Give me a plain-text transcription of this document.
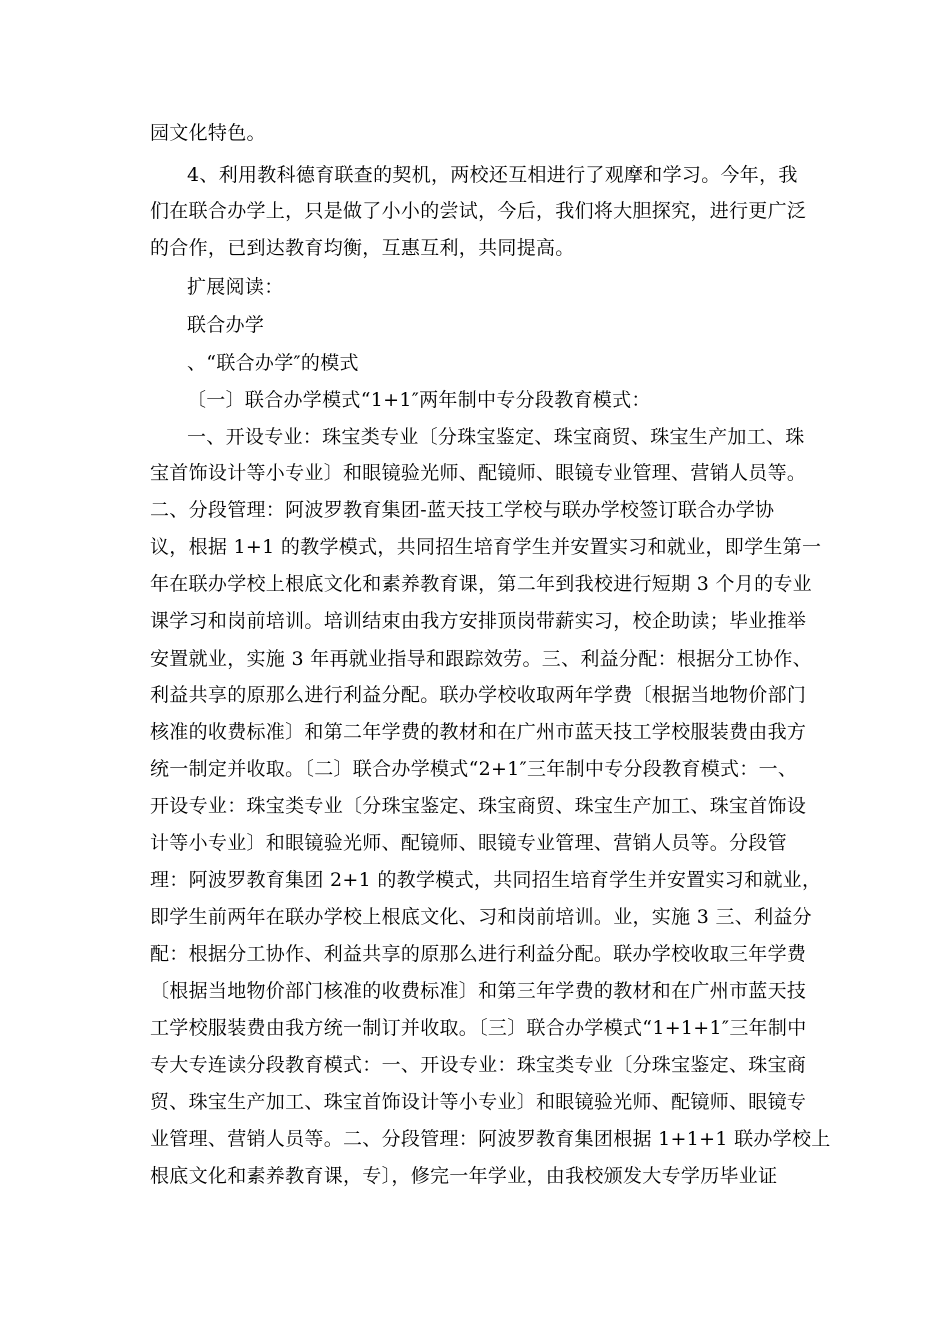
园文化特色。
4、利用教科德育联查的契机，两校还互相进行了观摩和学习。今年，我
们在联合办学上，只是做了小小的尝试，今后，我们将大胆探究，进行更广泛
的合作，已到达教育均衡，互惠互利，共同提高。
扩展阅读：
联合办学
、“联合办学″的模式
〔一〕联合办学模式“1+1″两年制中专分段教育模式：
一、开设专业：珠宝类专业〔分珠宝鉴定、珠宝商贸、珠宝生产加工、珠
宝首饰设计等小专业〕和眼镜验光师、配镜师、眼镜专业管理、营销人员等。
二、分段管理：阿波罗教育集团-蓝天技工学校与联办学校签订联合办学协
议，根据 1+1 的教学模式，共同招生培育学生并安置实习和就业，即学生第一
年在联办学校上根底文化和素养教育课，第二年到我校进行短期 3 个月的专业
课学习和岗前培训。培训结束由我方安排顶岗带薪实习，校企助读；毕业推举
安置就业，实施 3 年再就业指导和跟踪效劳。三、利益分配：根据分工协作、
利益共享的原那么进行利益分配。联办学校收取两年学费〔根据当地物价部门
核准的收费标准〕和第二年学费的教材和在广州市蓝天技工学校服装费由我方
统一制定并收取。〔二〕联合办学模式“2+1″三年制中专分段教育模式：一、
开设专业：珠宝类专业〔分珠宝鉴定、珠宝商贸、珠宝生产加工、珠宝首饰设
计等小专业〕和眼镜验光师、配镜师、眼镜专业管理、营销人员等。分段管
理：阿波罗教育集团 2+1 的教学模式，共同招生培育学生并安置实习和就业，
即学生前两年在联办学校上根底文化、习和岗前培训。业，实施 3 三、利益分
配：根据分工协作、利益共享的原那么进行利益分配。联办学校收取三年学费
〔根据当地物价部门核准的收费标准〕和第三年学费的教材和在广州市蓝天技
工学校服装费由我方统一制订并收取。〔三〕联合办学模式“1+1+1″三年制中
专大专连读分段教育模式：一、开设专业：珠宝类专业〔分珠宝鉴定、珠宝商
贸、珠宝生产加工、珠宝首饰设计等小专业〕和眼镜验光师、配镜师、眼镜专
业管理、营销人员等。二、分段管理：阿波罗教育集团根据 1+1+1 联办学校上
根底文化和素养教育课，专〕，修完一年学业，由我校颁发大专学历毕业证
